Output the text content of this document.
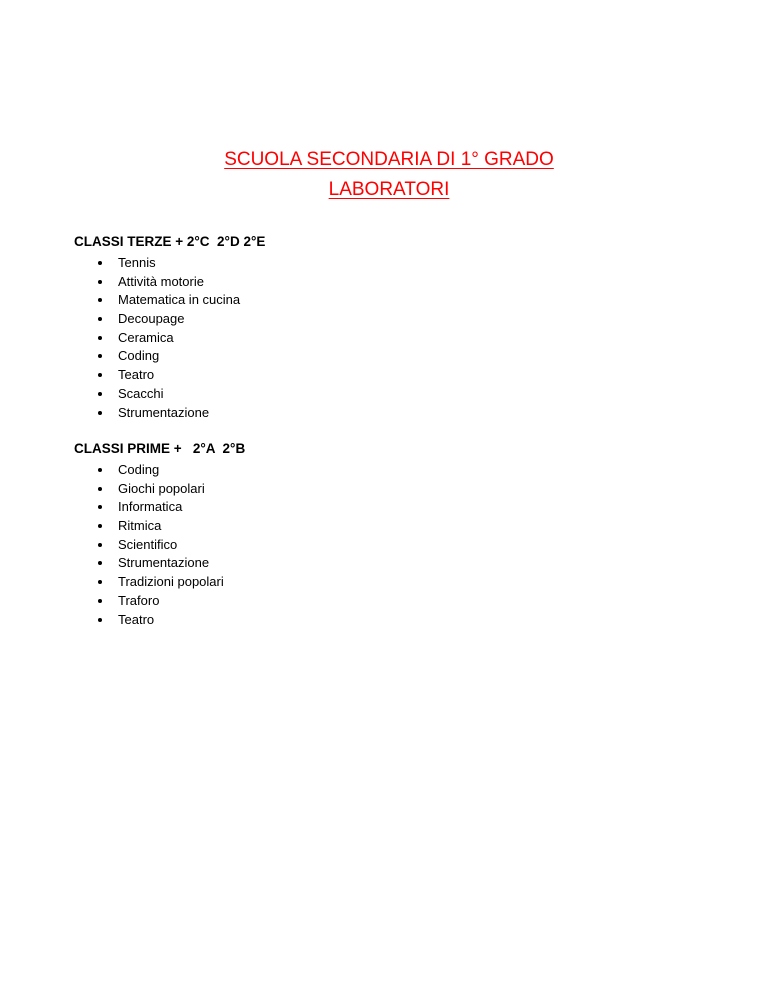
SCUOLA SECONDARIA DI 1° GRADO
LABORATORI
CLASSI TERZE + 2°C  2°D 2°E
Tennis
Attività motorie
Matematica in cucina
Decoupage
Ceramica
Coding
Teatro
Scacchi
Strumentazione
CLASSI PRIME +   2°A  2°B
Coding
Giochi popolari
Informatica
Ritmica
Scientifico
Strumentazione
Tradizioni popolari
Traforo
Teatro
